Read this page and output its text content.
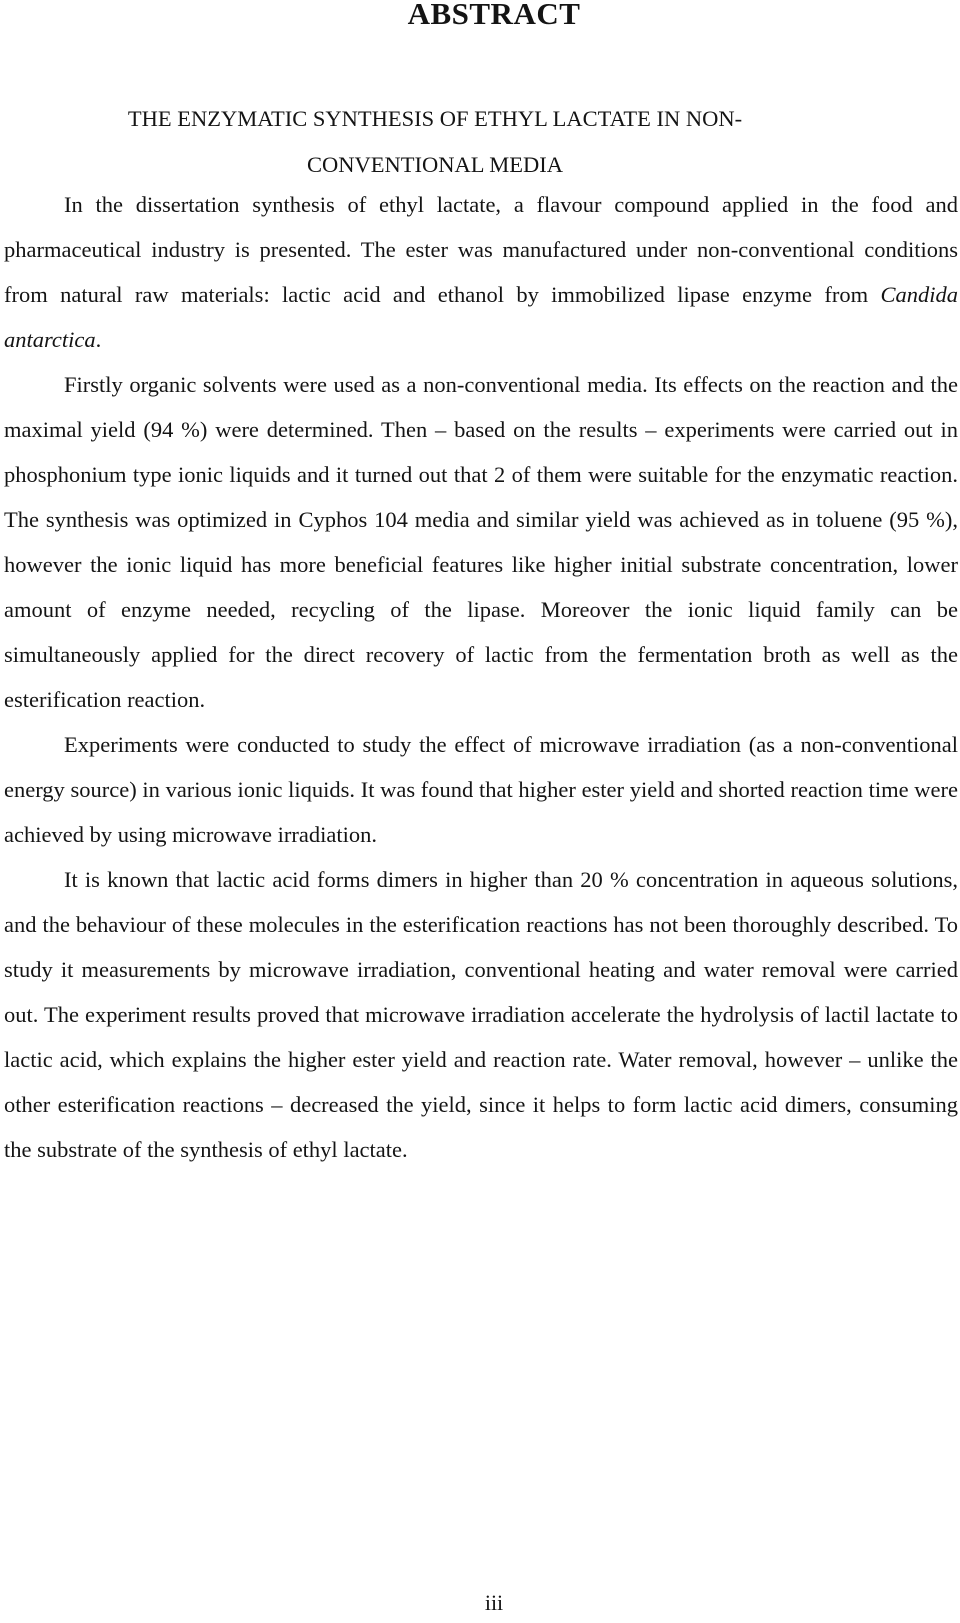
ABSTRACT
THE ENZYMATIC SYNTHESIS OF ETHYL LACTATE IN NON-CONVENTIONAL MEDIA

In the dissertation synthesis of ethyl lactate, a flavour compound applied in the food and pharmaceutical industry is presented. The ester was manufactured under non-conventional conditions from natural raw materials: lactic acid and ethanol by immobilized lipase enzyme from Candida antarctica.

Firstly organic solvents were used as a non-conventional media. Its effects on the reaction and the maximal yield (94 %) were determined. Then – based on the results – experiments were carried out in phosphonium type ionic liquids and it turned out that 2 of them were suitable for the enzymatic reaction. The synthesis was optimized in Cyphos 104 media and similar yield was achieved as in toluene (95 %), however the ionic liquid has more beneficial features like higher initial substrate concentration, lower amount of enzyme needed, recycling of the lipase. Moreover the ionic liquid family can be simultaneously applied for the direct recovery of lactic from the fermentation broth as well as the esterification reaction.

Experiments were conducted to study the effect of microwave irradiation (as a non-conventional energy source) in various ionic liquids. It was found that higher ester yield and shorted reaction time were achieved by using microwave irradiation.

It is known that lactic acid forms dimers in higher than 20 % concentration in aqueous solutions, and the behaviour of these molecules in the esterification reactions has not been thoroughly described. To study it measurements by microwave irradiation, conventional heating and water removal were carried out. The experiment results proved that microwave irradiation accelerate the hydrolysis of lactil lactate to lactic acid, which explains the higher ester yield and reaction rate. Water removal, however – unlike the other esterification reactions – decreased the yield, since it helps to form lactic acid dimers, consuming the substrate of the synthesis of ethyl lactate.

iii
